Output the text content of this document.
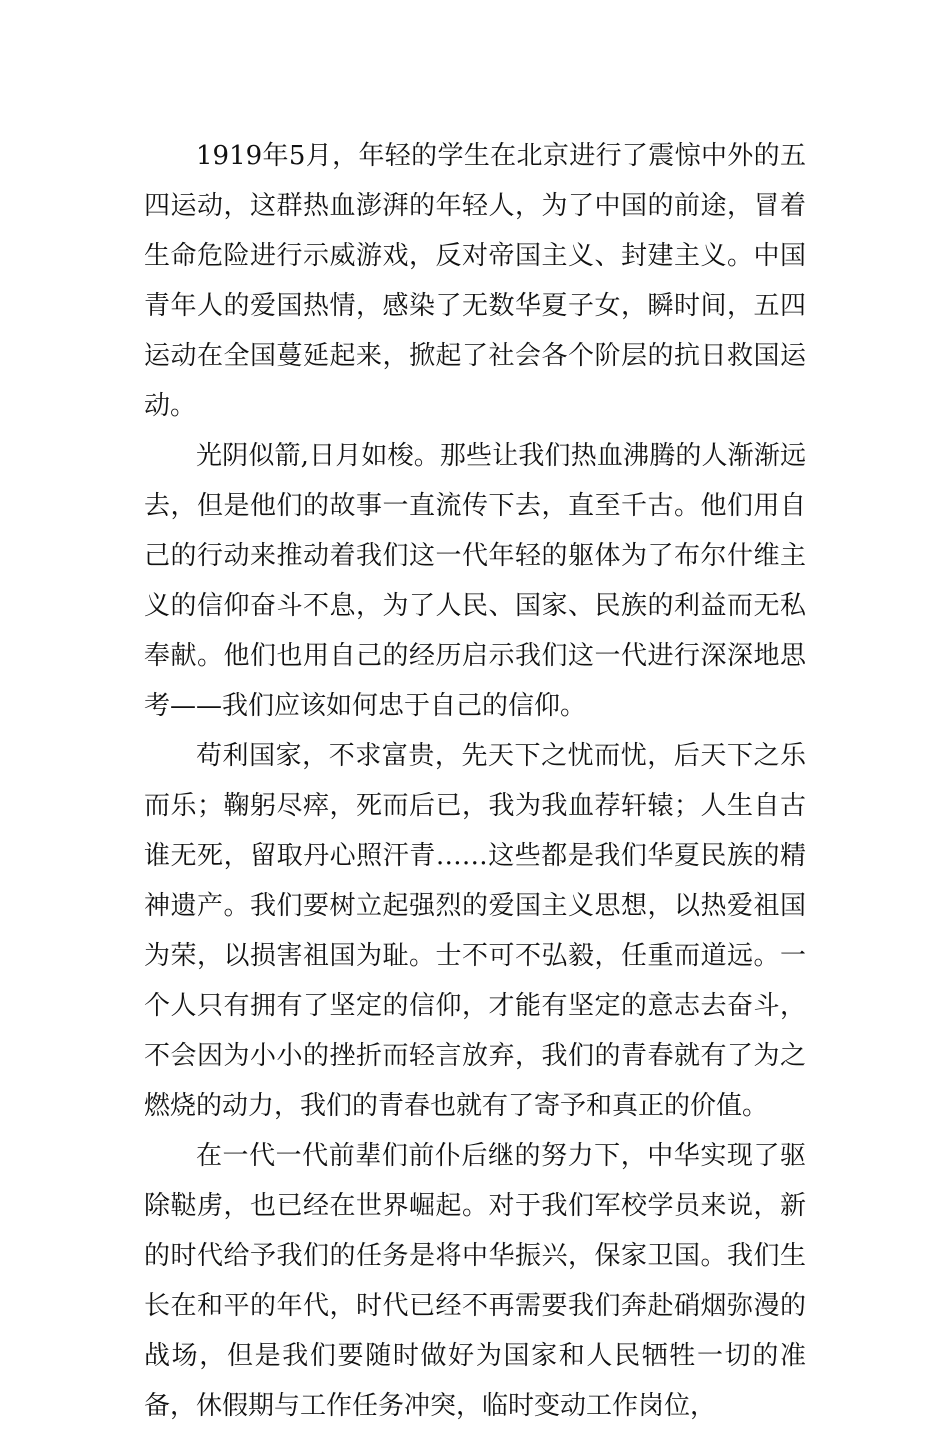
1919年5月，年轻的学生在北京进行了震惊中外的五四运动，这群热血澎湃的年轻人，为了中国的前途，冒着生命危险进行示威游戏，反对帝国主义、封建主义。中国青年人的爱国热情，感染了无数华夏子女，瞬时间，五四运动在全国蔓延起来，掀起了社会各个阶层的抗日救国运动。

光阴似箭,日月如梭。那些让我们热血沸腾的人渐渐远去，但是他们的故事一直流传下去，直至千古。他们用自己的行动来推动着我们这一代年轻的躯体为了布尔什维主义的信仰奋斗不息，为了人民、国家、民族的利益而无私奉献。他们也用自己的经历启示我们这一代进行深深地思考——我们应该如何忠于自己的信仰。

苟利国家，不求富贵，先天下之忧而忧，后天下之乐而乐；鞠躬尽瘁，死而后已，我为我血荐轩辕；人生自古谁无死，留取丹心照汗青……这些都是我们华夏民族的精神遗产。我们要树立起强烈的爱国主义思想，以热爱祖国为荣，以损害祖国为耻。士不可不弘毅，任重而道远。一个人只有拥有了坚定的信仰，才能有坚定的意志去奋斗，不会因为小小的挫折而轻言放弃，我们的青春就有了为之燃烧的动力，我们的青春也就有了寄予和真正的价值。

在一代一代前辈们前仆后继的努力下，中华实现了驱除鞑虏，也已经在世界崛起。对于我们军校学员来说，新的时代给予我们的任务是将中华振兴，保家卫国。我们生长在和平的年代，时代已经不再需要我们奔赴硝烟弥漫的战场，但是我们要随时做好为国家和人民牺牲一切的准备，休假期与工作任务冲突，临时变动工作岗位，
